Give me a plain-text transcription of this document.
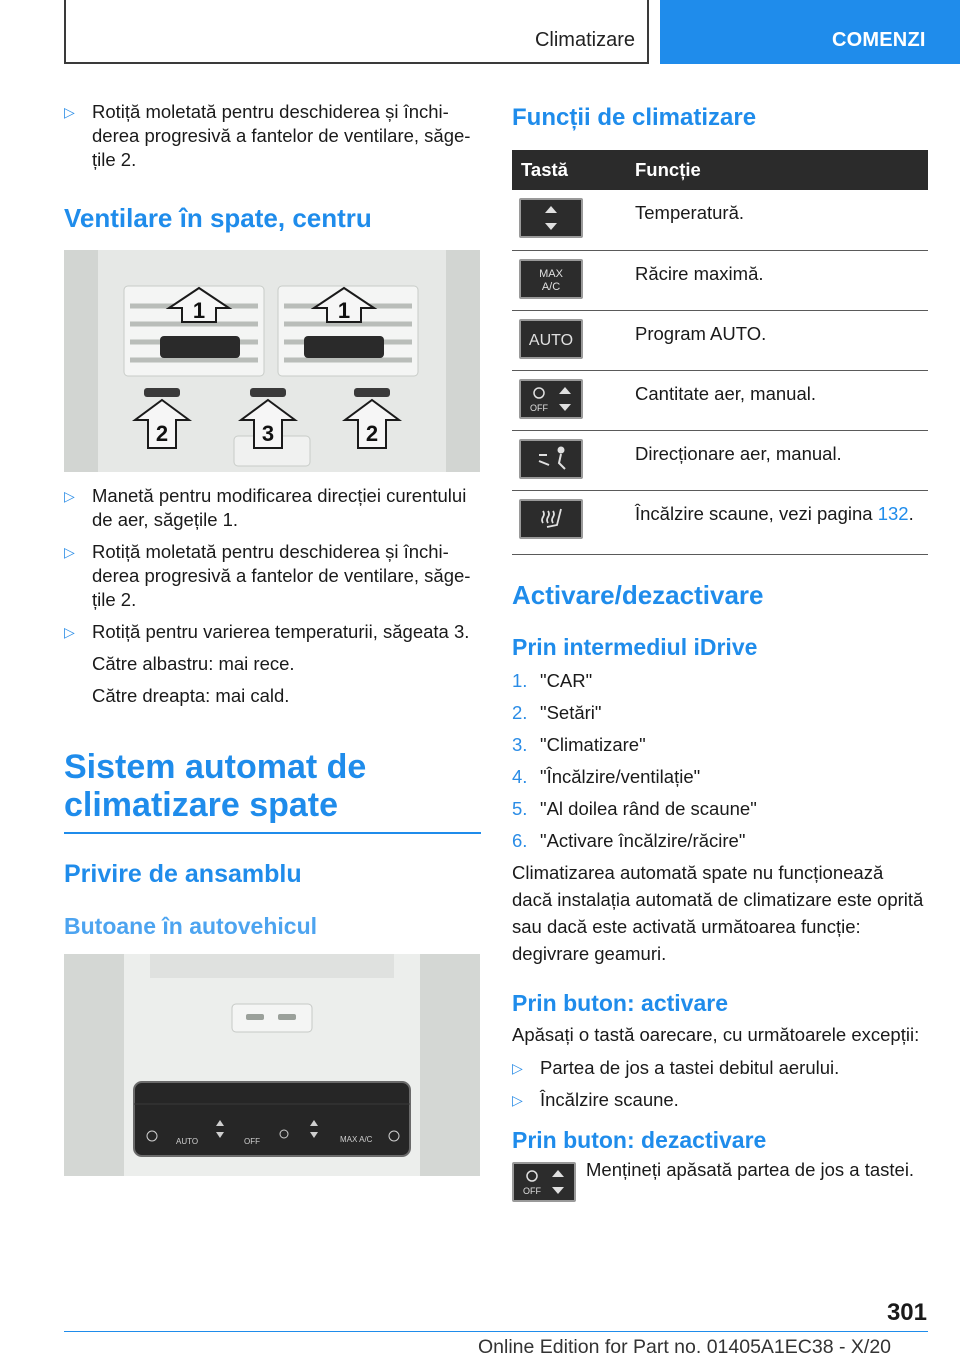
Climatizare	COMENZI
▷ Rotiță moletată pentru deschiderea și închiderea progresivă a fantelor de ventilare, săgețile 2.
Ventilare în spate, centru
1	1
2	3	2
▷ Manetă pentru modificarea direcției curentului de aer, săgețile 1.
▷ Rotiță moletată pentru deschiderea și închiderea progresivă a fantelor de ventilare, săgețile 2.
▷ Rotiță pentru varierea temperaturii, săgeata 3.
Către albastru: mai rece.
Către dreapta: mai cald.
Sistem automat de climatizare spate
Privire de ansamblu
Butoane în autovehicul
AUTO	OFF	MAX A/C
Funcții de climatizare
Tastă	Funcție

	Temperatură.

MAX
A/C	Răcire maximă.

AUTO	Program AUTO.

OFF	Cantitate aer, manual.

	Direcționare aer, manual.

	Încălzire scaune, vezi pagina 132.
Activare/dezactivare
Prin intermediul iDrive
1. "CAR"
2. "Setări"
3. "Climatizare"
4. "Încălzire/ventilație"
5. "Al doilea rând de scaune"
6. "Activare încălzire/răcire"
Climatizarea automată spate nu funcționează dacă instalația automată de climatizare este oprită sau dacă este activată următoarea funcție: degivrare geamuri.
Prin buton: activare
Apăsați o tastă oarecare, cu următoarele excepții:
▷ Partea de jos a tastei debitul aerului.
▷ Încălzire scaune.
Prin buton: dezactivare
OFF
Mențineți apăsată partea de jos a tastei.
301
Online Edition for Part no. 01405A1EC38 - X/20
